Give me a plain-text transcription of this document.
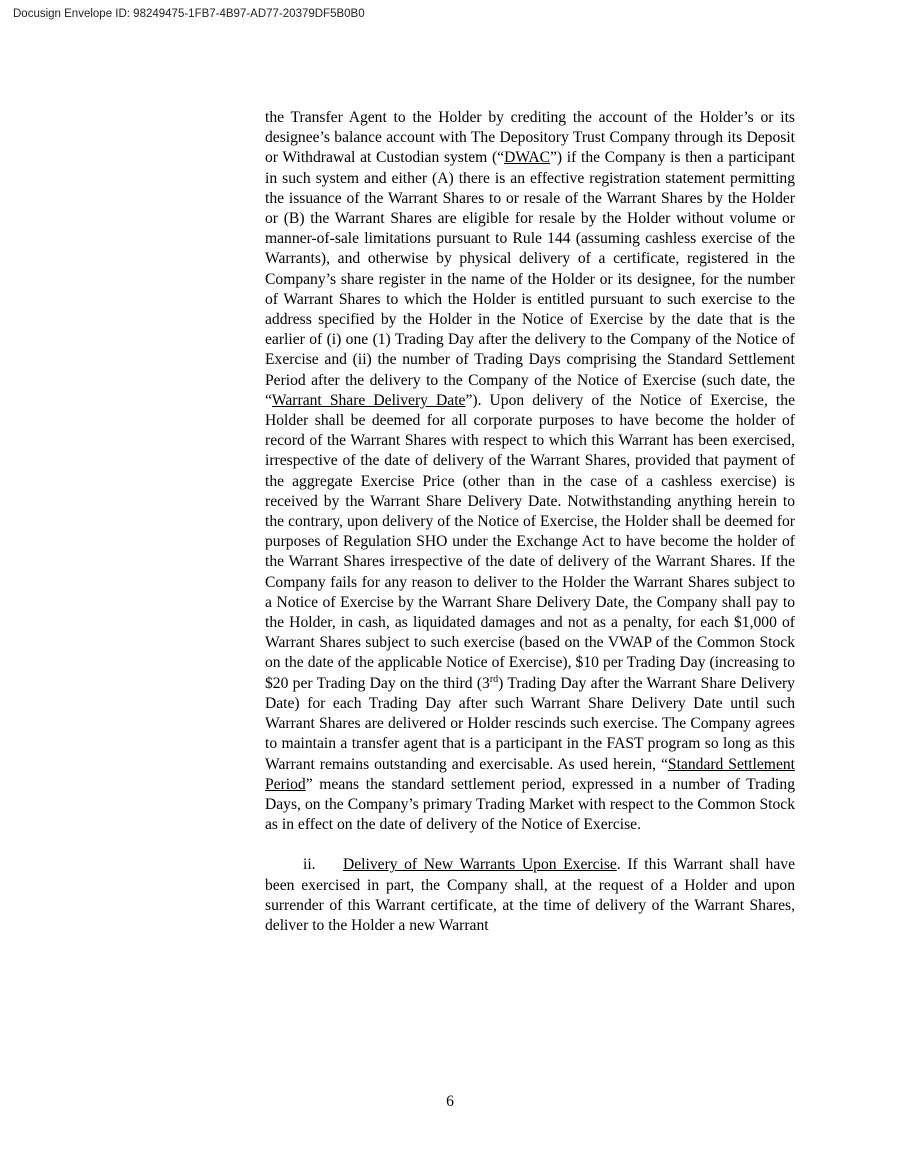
Docusign Envelope ID: 98249475-1FB7-4B97-AD77-20379DF5B0B0

the Transfer Agent to the Holder by crediting the account of the Holder’s or its designee’s balance account with The Depository Trust Company through its Deposit or Withdrawal at Custodian system (“DWAC”) if the Company is then a participant in such system and either (A) there is an effective registration statement permitting the issuance of the Warrant Shares to or resale of the Warrant Shares by the Holder or (B) the Warrant Shares are eligible for resale by the Holder without volume or manner-of-sale limitations pursuant to Rule 144 (assuming cashless exercise of the Warrants), and otherwise by physical delivery of a certificate, registered in the Company’s share register in the name of the Holder or its designee, for the number of Warrant Shares to which the Holder is entitled pursuant to such exercise to the address specified by the Holder in the Notice of Exercise by the date that is the earlier of (i) one (1) Trading Day after the delivery to the Company of the Notice of Exercise and (ii) the number of Trading Days comprising the Standard Settlement Period after the delivery to the Company of the Notice of Exercise (such date, the “Warrant Share Delivery Date”). Upon delivery of the Notice of Exercise, the Holder shall be deemed for all corporate purposes to have become the holder of record of the Warrant Shares with respect to which this Warrant has been exercised, irrespective of the date of delivery of the Warrant Shares, provided that payment of the aggregate Exercise Price (other than in the case of a cashless exercise) is received by the Warrant Share Delivery Date. Notwithstanding anything herein to the contrary, upon delivery of the Notice of Exercise, the Holder shall be deemed for purposes of Regulation SHO under the Exchange Act to have become the holder of the Warrant Shares irrespective of the date of delivery of the Warrant Shares. If the Company fails for any reason to deliver to the Holder the Warrant Shares subject to a Notice of Exercise by the Warrant Share Delivery Date, the Company shall pay to the Holder, in cash, as liquidated damages and not as a penalty, for each $1,000 of Warrant Shares subject to such exercise (based on the VWAP of the Common Stock on the date of the applicable Notice of Exercise), $10 per Trading Day (increasing to $20 per Trading Day on the third (3rd) Trading Day after the Warrant Share Delivery Date) for each Trading Day after such Warrant Share Delivery Date until such Warrant Shares are delivered or Holder rescinds such exercise. The Company agrees to maintain a transfer agent that is a participant in the FAST program so long as this Warrant remains outstanding and exercisable. As used herein, “Standard Settlement Period” means the standard settlement period, expressed in a number of Trading Days, on the Company’s primary Trading Market with respect to the Common Stock as in effect on the date of delivery of the Notice of Exercise.

ii. Delivery of New Warrants Upon Exercise. If this Warrant shall have been exercised in part, the Company shall, at the request of a Holder and upon surrender of this Warrant certificate, at the time of delivery of the Warrant Shares, deliver to the Holder a new Warrant

6
